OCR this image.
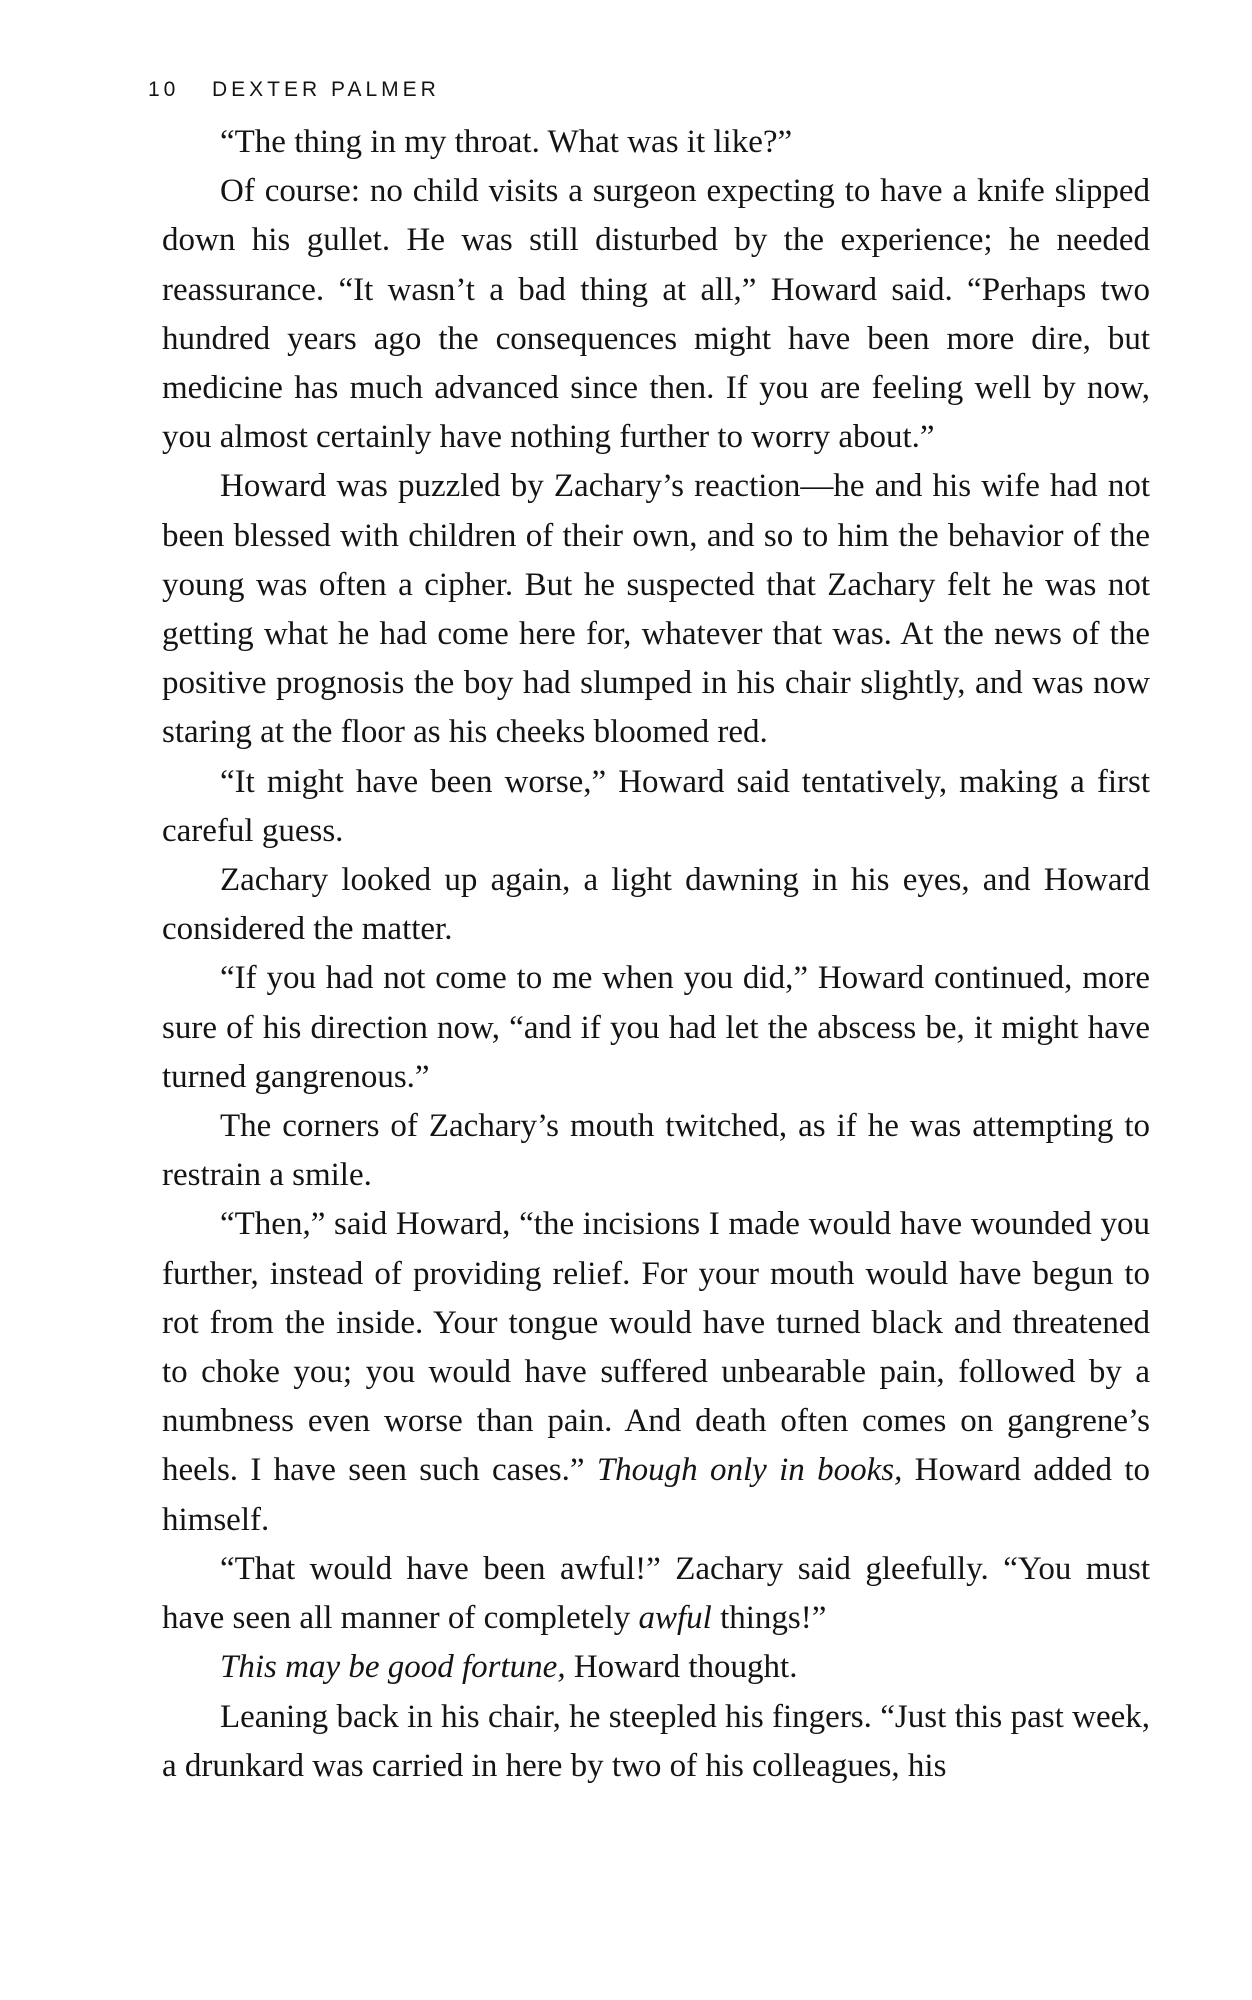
10 DEXTER PALMER

“The thing in my throat. What was it like?”

Of course: no child visits a surgeon expecting to have a knife slipped down his gullet. He was still disturbed by the experience; he needed reassurance. “It wasn’t a bad thing at all,” Howard said. “Perhaps two hundred years ago the consequences might have been more dire, but medicine has much advanced since then. If you are feeling well by now, you almost certainly have nothing further to worry about.”

Howard was puzzled by Zachary’s reaction—he and his wife had not been blessed with children of their own, and so to him the behavior of the young was often a cipher. But he suspected that Zachary felt he was not getting what he had come here for, whatever that was. At the news of the positive prognosis the boy had slumped in his chair slightly, and was now staring at the floor as his cheeks bloomed red.

“It might have been worse,” Howard said tentatively, making a first careful guess.

Zachary looked up again, a light dawning in his eyes, and Howard considered the matter.

“If you had not come to me when you did,” Howard continued, more sure of his direction now, “and if you had let the abscess be, it might have turned gangrenous.”

The corners of Zachary’s mouth twitched, as if he was attempting to restrain a smile.

“Then,” said Howard, “the incisions I made would have wounded you further, instead of providing relief. For your mouth would have begun to rot from the inside. Your tongue would have turned black and threatened to choke you; you would have suffered unbearable pain, followed by a numbness even worse than pain. And death often comes on gangrene’s heels. I have seen such cases.” Though only in books, Howard added to himself.

“That would have been awful!” Zachary said gleefully. “You must have seen all manner of completely awful things!”

This may be good fortune, Howard thought.

Leaning back in his chair, he steepled his fingers. “Just this past week, a drunkard was carried in here by two of his colleagues, his
